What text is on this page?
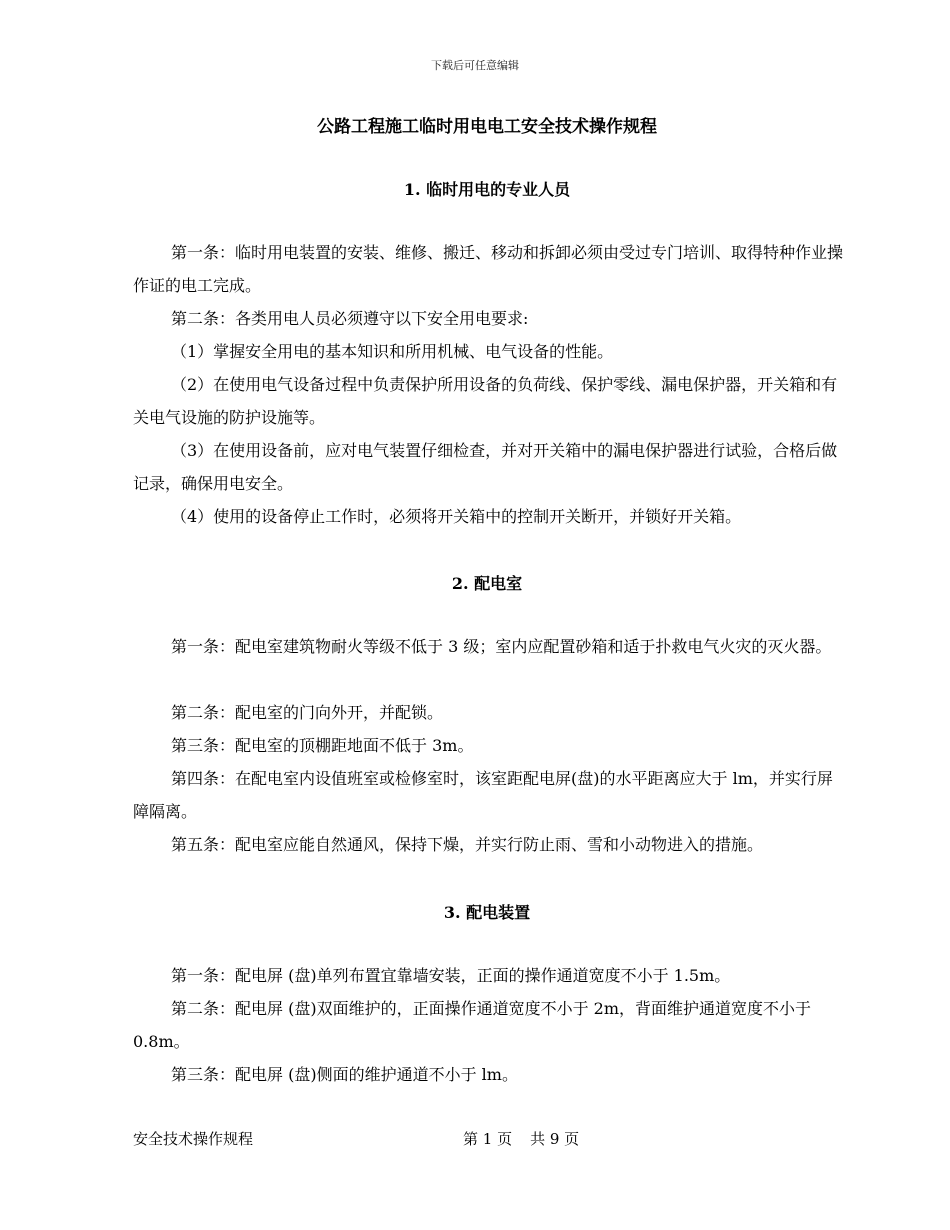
下载后可任意编辑
公路工程施工临时用电电工安全技术操作规程
1. 临时用电的专业人员

第一条：临时用电装置的安装、维修、搬迁、移动和拆卸必须由受过专门培训、取得特种作业操作证的电工完成。

第二条：各类用电人员必须遵守以下安全用电要求:

（1）掌握安全用电的基本知识和所用机械、电气设备的性能。

（2）在使用电气设备过程中负责保护所用设备的负荷线、保护零线、漏电保护器，开关箱和有关电气设施的防护设施等。

（3）在使用设备前，应对电气装置仔细检查，并对开关箱中的漏电保护器进行试验，合格后做记录，确保用电安全。

（4）使用的设备停止工作时，必须将开关箱中的控制开关断开，并锁好开关箱。

2. 配电室

第一条：配电室建筑物耐火等级不低于 3 级；室内应配置砂箱和适于扑救电气火灾的灭火器。

第二条：配电室的门向外开，并配锁。

第三条：配电室的顶棚距地面不低于 3m。

第四条：在配电室内设值班室或检修室时，该室距配电屏(盘)的水平距离应大于 lm，并实行屏障隔离。

第五条：配电室应能自然通风，保持下燥，并实行防止雨、雪和小动物进入的措施。

3. 配电装置

第一条：配电屏 (盘)单列布置宜靠墙安装，正面的操作通道宽度不小于 1.5m。

第二条：配电屏 (盘)双面维护的，正面操作通道宽度不小于 2m，背面维护通道宽度不小于 0.8m。

第三条：配电屏 (盘)侧面的维护通道不小于 lm。

安全技术操作规程	第 1 页 共 9 页
